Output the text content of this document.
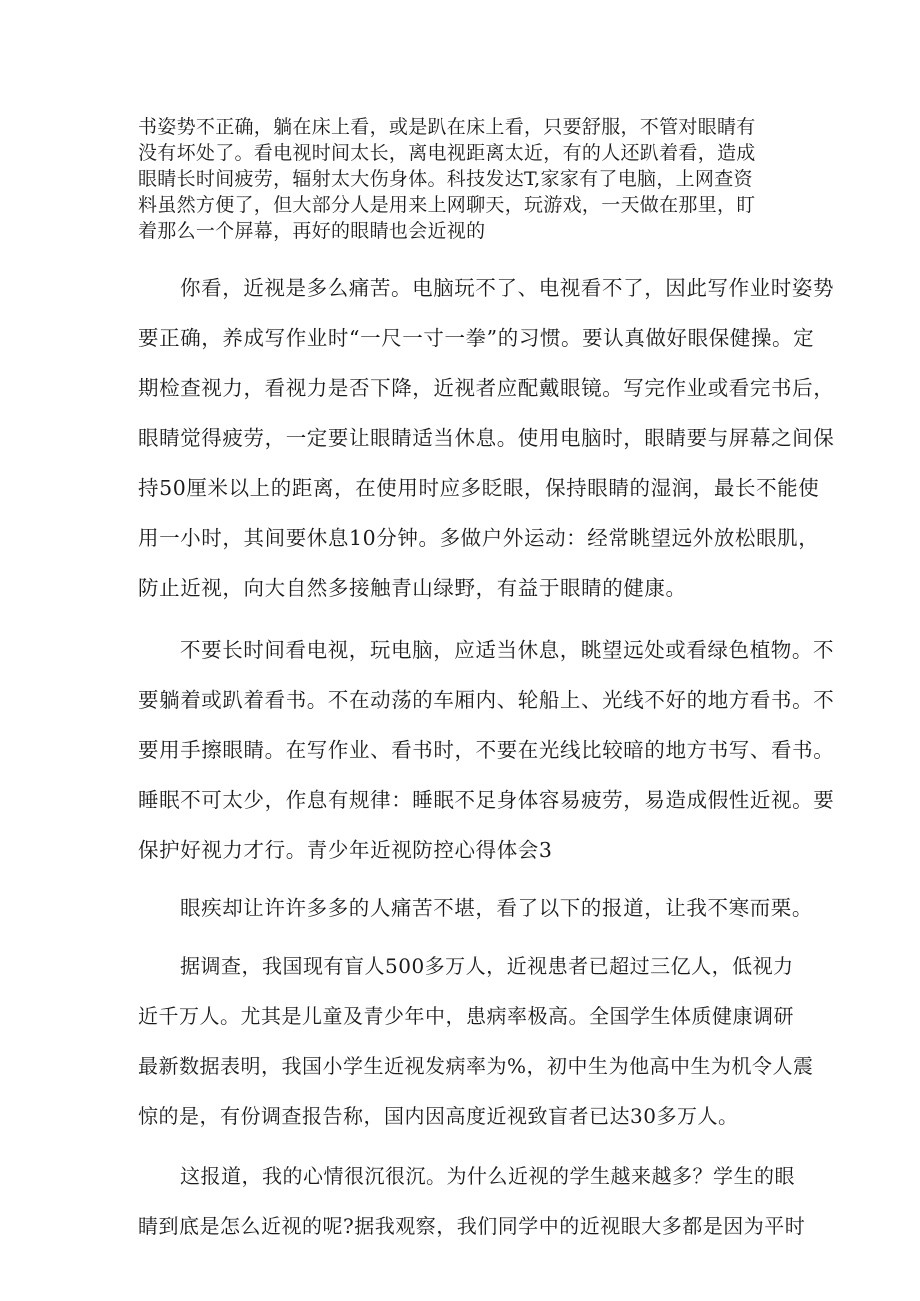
书姿势不正确，躺在床上看，或是趴在床上看，只要舒服，不管对眼睛有

没有坏处了。看电视时间太长，离电视距离太近，有的人还趴着看，造成

眼睛长时间疲劳，辐射太大伤身体。科技发达T,家家有了电脑，上网查资

料虽然方便了，但大部分人是用来上网聊天，玩游戏，一天做在那里，盯

着那么一个屏幕，再好的眼睛也会近视的

你看，近视是多么痛苦。电脑玩不了、电视看不了，因此写作业时姿势

要正确，养成写作业时“一尺一寸一拳”的习惯。要认真做好眼保健操。定

期检查视力，看视力是否下降，近视者应配戴眼镜。写完作业或看完书后，

眼睛觉得疲劳，一定要让眼睛适当休息。使用电脑时，眼睛要与屏幕之间保

持50厘米以上的距离，在使用时应多眨眼，保持眼睛的湿润，最长不能使

用一小时，其间要休息10分钟。多做户外运动：经常眺望远外放松眼肌，

防止近视，向大自然多接触青山绿野，有益于眼睛的健康。

不要长时间看电视，玩电脑，应适当休息，眺望远处或看绿色植物。不

要躺着或趴着看书。不在动荡的车厢内、轮船上、光线不好的地方看书。不

要用手擦眼睛。在写作业、看书时，不要在光线比较暗的地方书写、看书。

睡眠不可太少，作息有规律：睡眠不足身体容易疲劳，易造成假性近视。要

保护好视力才行。青少年近视防控心得体会3

眼疾却让许许多多的人痛苦不堪，看了以下的报道，让我不寒而栗。

据调查，我国现有盲人500多万人，近视患者已超过三亿人，低视力

近千万人。尤其是儿童及青少年中，患病率极高。全国学生体质健康调研

最新数据表明，我国小学生近视发病率为%，初中生为他高中生为机令人震

惊的是，有份调查报告称，国内因高度近视致盲者已达30多万人。

这报道，我的心情很沉很沉。为什么近视的学生越来越多？学生的眼

睛到底是怎么近视的呢?据我观察，我们同学中的近视眼大多都是因为平时
